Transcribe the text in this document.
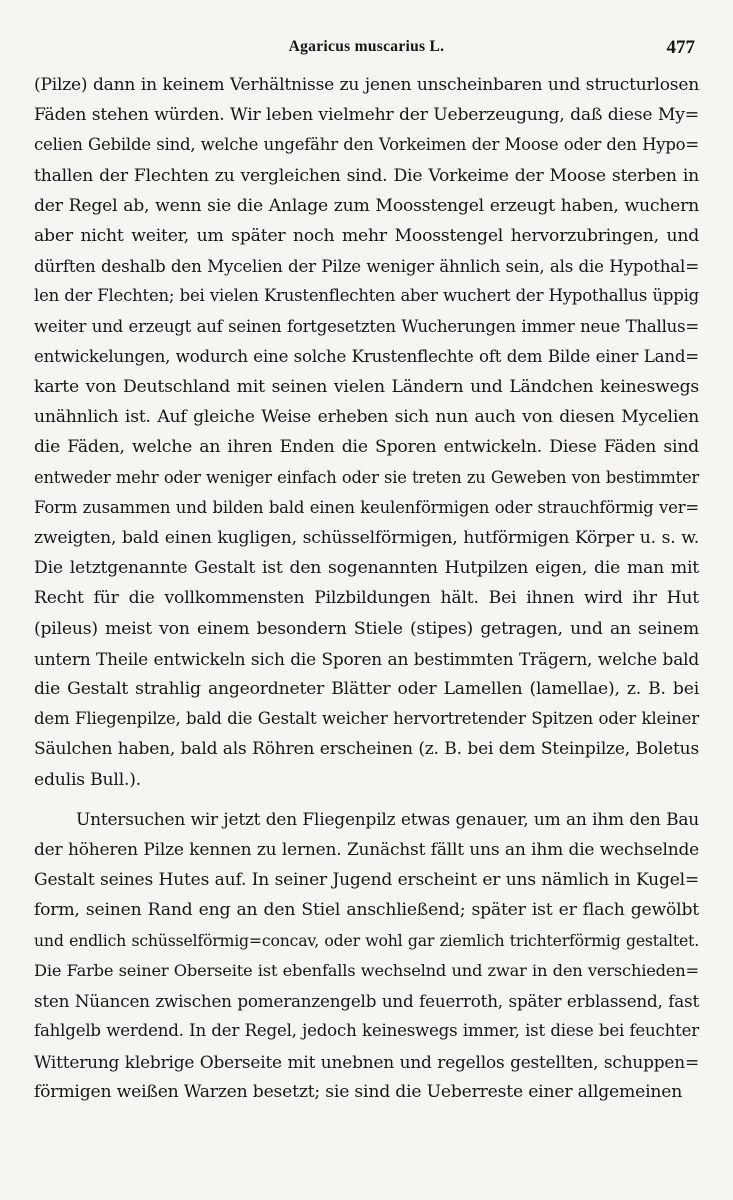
Agaricus muscarius L.	477

(Pilze) dann in keinem Verhältnisse zu jenen unscheinbaren und structurlosen
Fäden stehen würden. Wir leben vielmehr der Ueberzeugung, daß diese My=
celien Gebilde sind, welche ungefähr den Vorkeimen der Moose oder den Hypo=
thallen der Flechten zu vergleichen sind. Die Vorkeime der Moose sterben in
der Regel ab, wenn sie die Anlage zum Moosstengel erzeugt haben, wuchern
aber nicht weiter, um später noch mehr Moosstengel hervorzubringen, und
dürften deshalb den Mycelien der Pilze weniger ähnlich sein, als die Hypothal=
len der Flechten; bei vielen Krustenflechten aber wuchert der Hypothallus üppig
weiter und erzeugt auf seinen fortgesetzten Wucherungen immer neue Thallus=
entwickelungen, wodurch eine solche Krustenflechte oft dem Bilde einer Land=
karte von Deutschland mit seinen vielen Ländern und Ländchen keineswegs
unähnlich ist. Auf gleiche Weise erheben sich nun auch von diesen Mycelien
die Fäden, welche an ihren Enden die Sporen entwickeln. Diese Fäden sind
entweder mehr oder weniger einfach oder sie treten zu Geweben von bestimmter
Form zusammen und bilden bald einen keulenförmigen oder strauchförmig ver=
zweigten, bald einen kugligen, schüsselförmigen, hutförmigen Körper u. s. w.
Die letztgenannte Gestalt ist den sogenannten Hutpilzen eigen, die man mit
Recht für die vollkommensten Pilzbildungen hält. Bei ihnen wird ihr Hut
(pileus) meist von einem besondern Stiele (stipes) getragen, und an seinem
untern Theile entwickeln sich die Sporen an bestimmten Trägern, welche bald
die Gestalt strahlig angeordneter Blätter oder Lamellen (lamellae), z. B. bei
dem Fliegenpilze, bald die Gestalt weicher hervortretender Spitzen oder kleiner
Säulchen haben, bald als Röhren erscheinen (z. B. bei dem Steinpilze, Boletus
edulis Bull.).

Untersuchen wir jetzt den Fliegenpilz etwas genauer, um an ihm den Bau
der höheren Pilze kennen zu lernen. Zunächst fällt uns an ihm die wechselnde
Gestalt seines Hutes auf. In seiner Jugend erscheint er uns nämlich in Kugel=
form, seinen Rand eng an den Stiel anschließend; später ist er flach gewölbt
und endlich schüsselförmig=concav, oder wohl gar ziemlich trichterförmig gestaltet.
Die Farbe seiner Oberseite ist ebenfalls wechselnd und zwar in den verschieden=
sten Nüancen zwischen pomeranzengelb und feuerroth, später erblassend, fast
fahlgelb werdend. In der Regel, jedoch keineswegs immer, ist diese bei feuchter
Witterung klebrige Oberseite mit unebnen und regellos gestellten, schuppen=
förmigen weißen Warzen besetzt; sie sind die Ueberreste einer allgemeinen
